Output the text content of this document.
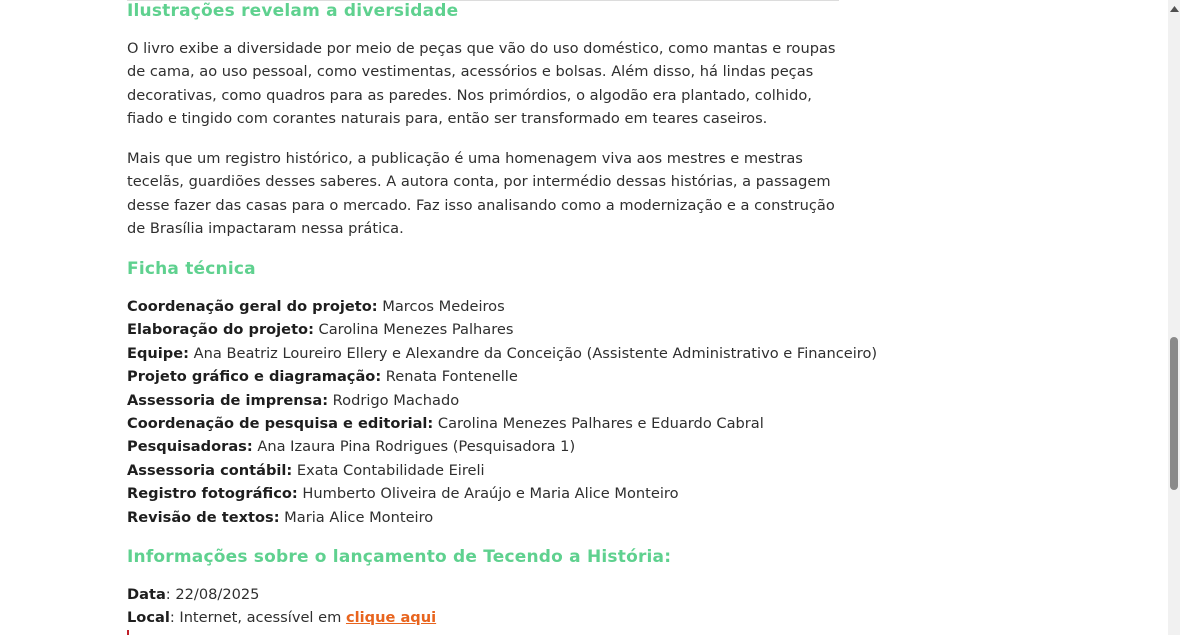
Ilustrações revelam a diversidade

O livro exibe a diversidade por meio de peças que vão do uso doméstico, como mantas e roupas de cama, ao uso pessoal, como vestimentas, acessórios e bolsas. Além disso, há lindas peças decorativas, como quadros para as paredes. Nos primórdios, o algodão era plantado, colhido, fiado e tingido com corantes naturais para, então ser transformado em teares caseiros.

Mais que um registro histórico, a publicação é uma homenagem viva aos mestres e mestras tecelãs, guardiões desses saberes. A autora conta, por intermédio dessas histórias, a passagem desse fazer das casas para o mercado. Faz isso analisando como a modernização e a construção de Brasília impactaram nessa prática.

Ficha técnica
Coordenação geral do projeto: Marcos Medeiros
Elaboração do projeto: Carolina Menezes Palhares
Equipe: Ana Beatriz Loureiro Ellery e Alexandre da Conceição (Assistente Administrativo e Financeiro)
Projeto gráfico e diagramação: Renata Fontenelle
Assessoria de imprensa: Rodrigo Machado
Coordenação de pesquisa e editorial: Carolina Menezes Palhares e Eduardo Cabral
Pesquisadoras: Ana Izaura Pina Rodrigues (Pesquisadora 1)
Assessoria contábil: Exata Contabilidade Eireli
Registro fotográfico: Humberto Oliveira de Araújo e Maria Alice Monteiro
Revisão de textos: Maria Alice Monteiro
Informações sobre o lançamento de Tecendo a História:
Data: 22/08/2025
Local: Internet, acessível em clique aqui
